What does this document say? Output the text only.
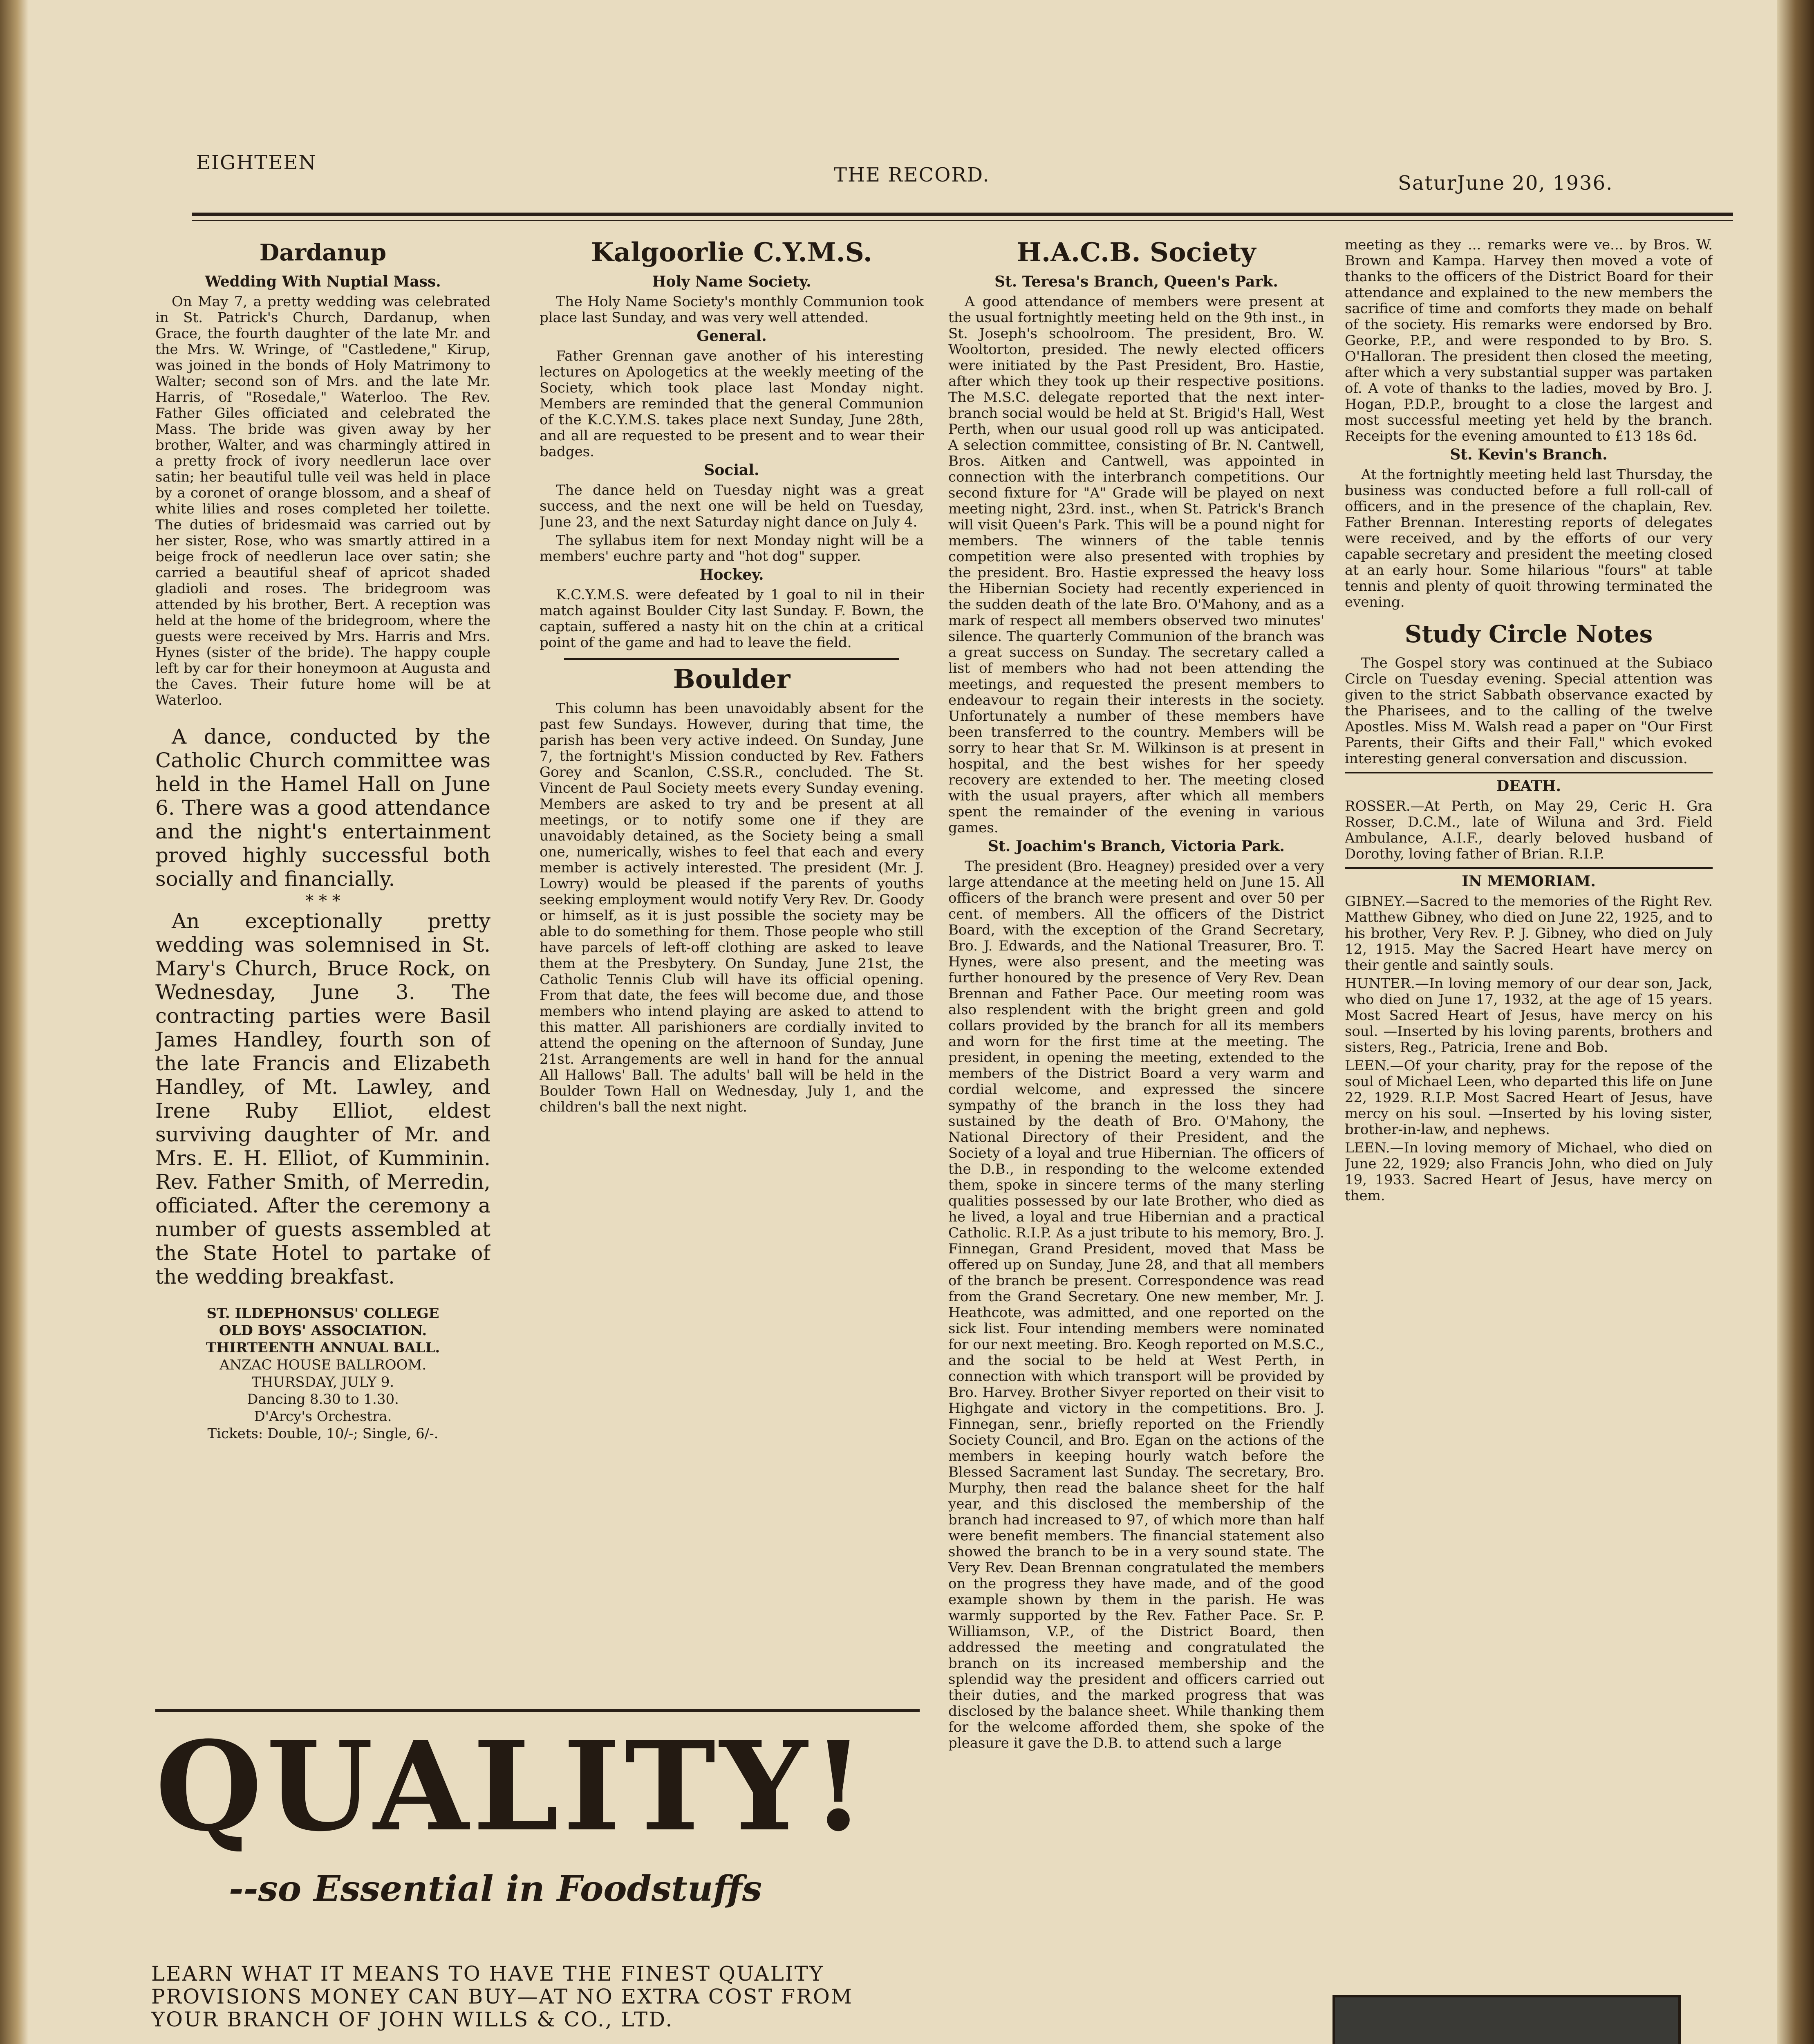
EIGHTEEN
THE RECORD.	SaturJune 20, 1936.
Dardanup
Wedding With Nuptial Mass.

On May 7, a pretty wedding was celebrated in St. Patrick's Church, Dardanup, when Grace, the fourth daughter of the late Mr. and the Mrs. W. Wringe, of "Castledene," Kirup, was joined in the bonds of Holy Matrimony to Walter; second son of Mrs. and the late Mr. Harris, of "Rosedale," Waterloo. The Rev. Father Giles officiated and celebrated the Mass. The bride was given away by her brother, Walter, and was charmingly attired in a pretty frock of ivory needlerun lace over satin; her beautiful tulle veil was held in place by a coronet of orange blossom, and a sheaf of white lilies and roses completed her toilette. The duties of bridesmaid was carried out by her sister, Rose, who was smartly attired in a beige frock of needlerun lace over satin; she carried a beautiful sheaf of apricot shaded gladioli and roses. The bridegroom was attended by his brother, Bert. A reception was held at the home of the bridegroom, where the guests were received by Mrs. Harris and Mrs. Hynes (sister of the bride). The happy couple left by car for their honeymoon at Augusta and the Caves. Their future home will be at Waterloo.

A dance, conducted by the Catholic Church committee was held in the Hamel Hall on June 6. There was a good attendance and the night's entertainment proved highly successful both socially and financially.

* * *

An exceptionally pretty wedding was solemnised in St. Mary's Church, Bruce Rock, on Wednesday, June 3. The contracting parties were Basil James Handley, fourth son of the late Francis and Elizabeth Handley, of Mt. Lawley, and Irene Ruby Elliot, eldest surviving daughter of Mr. and Mrs. E. H. Elliot, of Kumminin. Rev. Father Smith, of Merredin, officiated. After the ceremony a number of guests assembled at the State Hotel to partake of the wedding breakfast.

ST. ILDEPHONSUS' COLLEGE
OLD BOYS' ASSOCIATION.
THIRTEENTH ANNUAL BALL.
ANZAC HOUSE BALLROOM.
THURSDAY, JULY 9.
Dancing 8.30 to 1.30.
D'Arcy's Orchestra.
Tickets: Double, 10/-; Single, 6/-.
Kalgoorlie C.Y.M.S.
Holy Name Society.

The Holy Name Society's monthly Communion took place last Sunday, and was very well attended.

General.

Father Grennan gave another of his interesting lectures on Apologetics at the weekly meeting of the Society, which took place last Monday night. Members are reminded that the general Communion of the K.C.Y.M.S. takes place next Sunday, June 28th, and all are requested to be present and to wear their badges.

Social.

The dance held on Tuesday night was a great success, and the next one will be held on Tuesday, June 23, and the next Saturday night dance on July 4.

The syllabus item for next Monday night will be a members' euchre party and "hot dog" supper.

Hockey.

K.C.Y.M.S. were defeated by 1 goal to nil in their match against Boulder City last Sunday. F. Bown, the captain, suffered a nasty hit on the chin at a critical point of the game and had to leave the field.

Boulder

This column has been unavoidably absent for the past few Sundays. However, during that time, the parish has been very active indeed. On Sunday, June 7, the fortnight's Mission conducted by Rev. Fathers Gorey and Scanlon, C.SS.R., concluded. The St. Vincent de Paul Society meets every Sunday evening. Members are asked to try and be present at all meetings, or to notify some one if they are unavoidably detained, as the Society being a small one, numerically, wishes to feel that each and every member is actively interested. The president (Mr. J. Lowry) would be pleased if the parents of youths seeking employment would notify Very Rev. Dr. Goody or himself, as it is just possible the society may be able to do something for them. Those people who still have parcels of left-off clothing are asked to leave them at the Presbytery. On Sunday, June 21st, the Catholic Tennis Club will have its official opening. From that date, the fees will become due, and those members who intend playing are asked to attend to this matter. All parishioners are cordially invited to attend the opening on the afternoon of Sunday, June 21st. Arrangements are well in hand for the annual All Hallows' Ball. The adults' ball will be held in the Boulder Town Hall on Wednesday, July 1, and the children's ball the next night.

H.A.C.B. Society
St. Teresa's Branch, Queen's Park.

A good attendance of members were present at the usual fortnightly meeting held on the 9th inst., in St. Joseph's schoolroom. The president, Bro. W. Wooltorton, presided. The newly elected officers were initiated by the Past President, Bro. Hastie, after which they took up their respective positions. The M.S.C. delegate reported that the next inter-branch social would be held at St. Brigid's Hall, West Perth, when our usual good roll up was anticipated. A selection committee, consisting of Br. N. Cantwell, Bros. Aitken and Cantwell, was appointed in connection with the interbranch competitions. Our second fixture for "A" Grade will be played on next meeting night, 23rd. inst., when St. Patrick's Branch will visit Queen's Park. This will be a pound night for members. The winners of the table tennis competition were also presented with trophies by the president. Bro. Hastie expressed the heavy loss the Hibernian Society had recently experienced in the sudden death of the late Bro. O'Mahony, and as a mark of respect all members observed two minutes' silence. The quarterly Communion of the branch was a great success on Sunday. The secretary called a list of members who had not been attending the meetings, and requested the present members to endeavour to regain their interests in the society. Unfortunately a number of these members have been transferred to the country. Members will be sorry to hear that Sr. M. Wilkinson is at present in hospital, and the best wishes for her speedy recovery are extended to her. The meeting closed with the usual prayers, after which all members spent the remainder of the evening in various games.

St. Joachim's Branch, Victoria Park.

The president (Bro. Heagney) presided over a very large attendance at the meeting held on June 15. All officers of the branch were present and over 50 per cent. of members. All the officers of the District Board, with the exception of the Grand Secretary, Bro. J. Edwards, and the National Treasurer, Bro. T. Hynes, were also present, and the meeting was further honoured by the presence of Very Rev. Dean Brennan and Father Pace. Our meeting room was also resplendent with the bright green and gold collars provided by the branch for all its members and worn for the first time at the meeting. The president, in opening the meeting, extended to the members of the District Board a very warm and cordial welcome, and expressed the sincere sympathy of the branch in the loss they had sustained by the death of Bro. O'Mahony, the National Directory of their President, and the Society of a loyal and true Hibernian. The officers of the D.B., in responding to the welcome extended them, spoke in sincere terms of the many sterling qualities possessed by our late Brother, who died as he lived, a loyal and true Hibernian and a practical Catholic. R.I.P. As a just tribute to his memory, Bro. J. Finnegan, Grand President, moved that Mass be offered up on Sunday, June 28, and that all members of the branch be present. Correspondence was read from the Grand Secretary. One new member, Mr. J. Heathcote, was admitted, and one reported on the sick list. Four intending members were nominated for our next meeting. Bro. Keogh reported on M.S.C., and the social to be held at West Perth, in connection with which transport will be provided by Bro. Harvey. Brother Sivyer reported on their visit to Highgate and victory in the competitions. Bro. J. Finnegan, senr., briefly reported on the Friendly Society Council, and Bro. Egan on the actions of the members in keeping hourly watch before the Blessed Sacrament last Sunday. The secretary, Bro. Murphy, then read the balance sheet for the half year, and this disclosed the membership of the branch had increased to 97, of which more than half were benefit members. The financial statement also showed the branch to be in a very sound state. The Very Rev. Dean Brennan congratulated the members on the progress they have made, and of the good example shown by them in the parish. He was warmly supported by the Rev. Father Pace. Sr. P. Williamson, V.P., of the District Board, then addressed the meeting and congratulated the branch on its increased membership and the splendid way the president and officers carried out their duties, and the marked progress that was disclosed by the balance sheet. While thanking them for the welcome afforded them, she spoke of the pleasure it gave the D.B. to attend such a large

meeting as they ... remarks were ve... by Bros. W. Brown and Kampa. Harvey then moved a vote of thanks to the officers of the District Board for their attendance and explained to the new members the sacrifice of time and comforts they made on behalf of the society. His remarks were endorsed by Bro. Georke, P.P., and were responded to by Bro. S. O'Halloran. The president then closed the meeting, after which a very substantial supper was partaken of. A vote of thanks to the ladies, moved by Bro. J. Hogan, P.D.P., brought to a close the largest and most successful meeting yet held by the branch. Receipts for the evening amounted to £13 18s 6d.

St. Kevin's Branch.

At the fortnightly meeting held last Thursday, the business was conducted before a full roll-call of officers, and in the presence of the chaplain, Rev. Father Brennan. Interesting reports of delegates were received, and by the efforts of our very capable secretary and president the meeting closed at an early hour. Some hilarious "fours" at table tennis and plenty of quoit throwing terminated the evening.

Study Circle Notes

The Gospel story was continued at the Subiaco Circle on Tuesday evening. Special attention was given to the strict Sabbath observance exacted by the Pharisees, and to the calling of the twelve Apostles. Miss M. Walsh read a paper on "Our First Parents, their Gifts and their Fall," which evoked interesting general conversation and discussion.

DEATH.

ROSSER.—At Perth, on May 29, Ceric H. Gra Rosser, D.C.M., late of Wiluna and 3rd. Field Ambulance, A.I.F., dearly beloved husband of Dorothy, loving father of Brian. R.I.P.

IN MEMORIAM.

GIBNEY.—Sacred to the memories of the Right Rev. Matthew Gibney, who died on June 22, 1925, and to his brother, Very Rev. P. J. Gibney, who died on July 12, 1915. May the Sacred Heart have mercy on their gentle and saintly souls.

HUNTER.—In loving memory of our dear son, Jack, who died on June 17, 1932, at the age of 15 years. Most Sacred Heart of Jesus, have mercy on his soul. —Inserted by his loving parents, brothers and sisters, Reg., Patricia, Irene and Bob.

LEEN.—Of your charity, pray for the repose of the soul of Michael Leen, who departed this life on June 22, 1929. R.I.P. Most Sacred Heart of Jesus, have mercy on his soul. —Inserted by his loving sister, brother-in-law, and nephews.

LEEN.—In loving memory of Michael, who died on June 22, 1929; also Francis John, who died on July 19, 1933. Sacred Heart of Jesus, have mercy on them.

QUALITY!
--so Essential in Foodstuffs
LEARN WHAT IT MEANS TO HAVE THE FINEST QUALITY PROVISIONS MONEY CAN BUY—AT NO EXTRA COST FROM YOUR BRANCH OF JOHN WILLS & CO., LTD.
